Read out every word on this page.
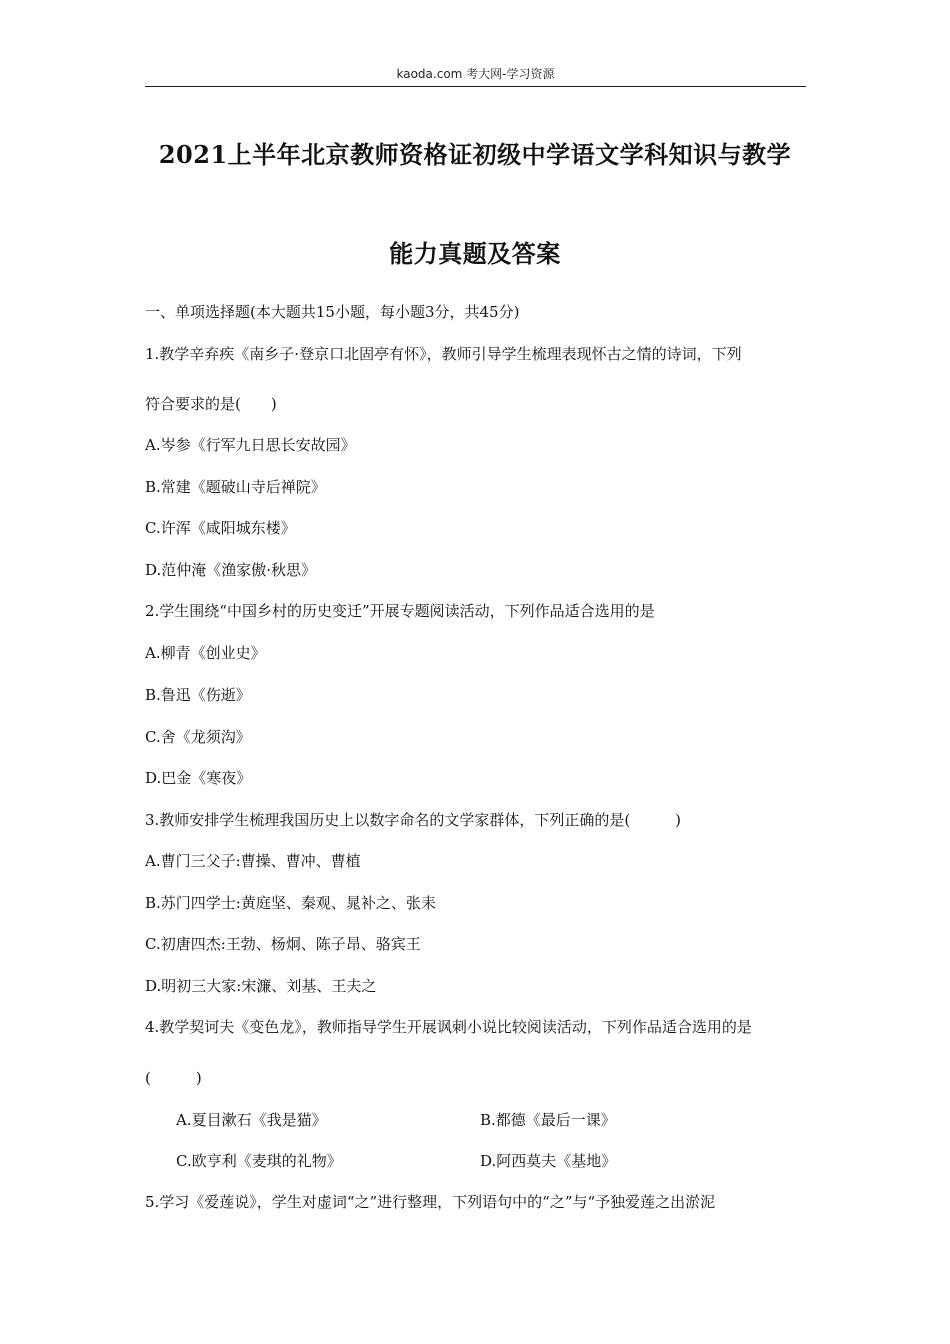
kaoda.com 考大网-学习资源
2021上半年北京教师资格证初级中学语文学科知识与教学
能力真题及答案
一、单项选择题(本大题共15小题，每小题3分，共45分)
1.教学辛弃疾《南乡子·登京口北固亭有怀》，教师引导学生梳理表现怀古之情的诗词，下列
符合要求的是(　　)
A.岑参《行军九日思长安故园》
B.常建《题破山寺后禅院》
C.许浑《咸阳城东楼》
D.范仲淹《渔家傲·秋思》
2.学生围绕“中国乡村的历史变迁”开展专题阅读活动，下列作品适合选用的是
A.柳青《创业史》
B.鲁迅《伤逝》
C.舍《龙须沟》
D.巴金《寒夜》
3.教师安排学生梳理我国历史上以数字命名的文学家群体，下列正确的是(　　　)
A.曹门三父子:曹操、曹冲、曹植
B.苏门四学士:黄庭坚、秦观、晁补之、张耒
C.初唐四杰:王勃、杨炯、陈子昂、骆宾王
D.明初三大家:宋濂、刘基、王夫之
4.教学契诃夫《变色龙》，教师指导学生开展讽刺小说比较阅读活动，下列作品适合选用的是
(　　　)
A.夏目漱石《我是猫》	B.都德《最后一课》
C.欧亨利《麦琪的礼物》	D.阿西莫夫《基地》
5.学习《爱莲说》，学生对虚词“之”进行整理，下列语句中的“之”与“予独爱莲之出淤泥
